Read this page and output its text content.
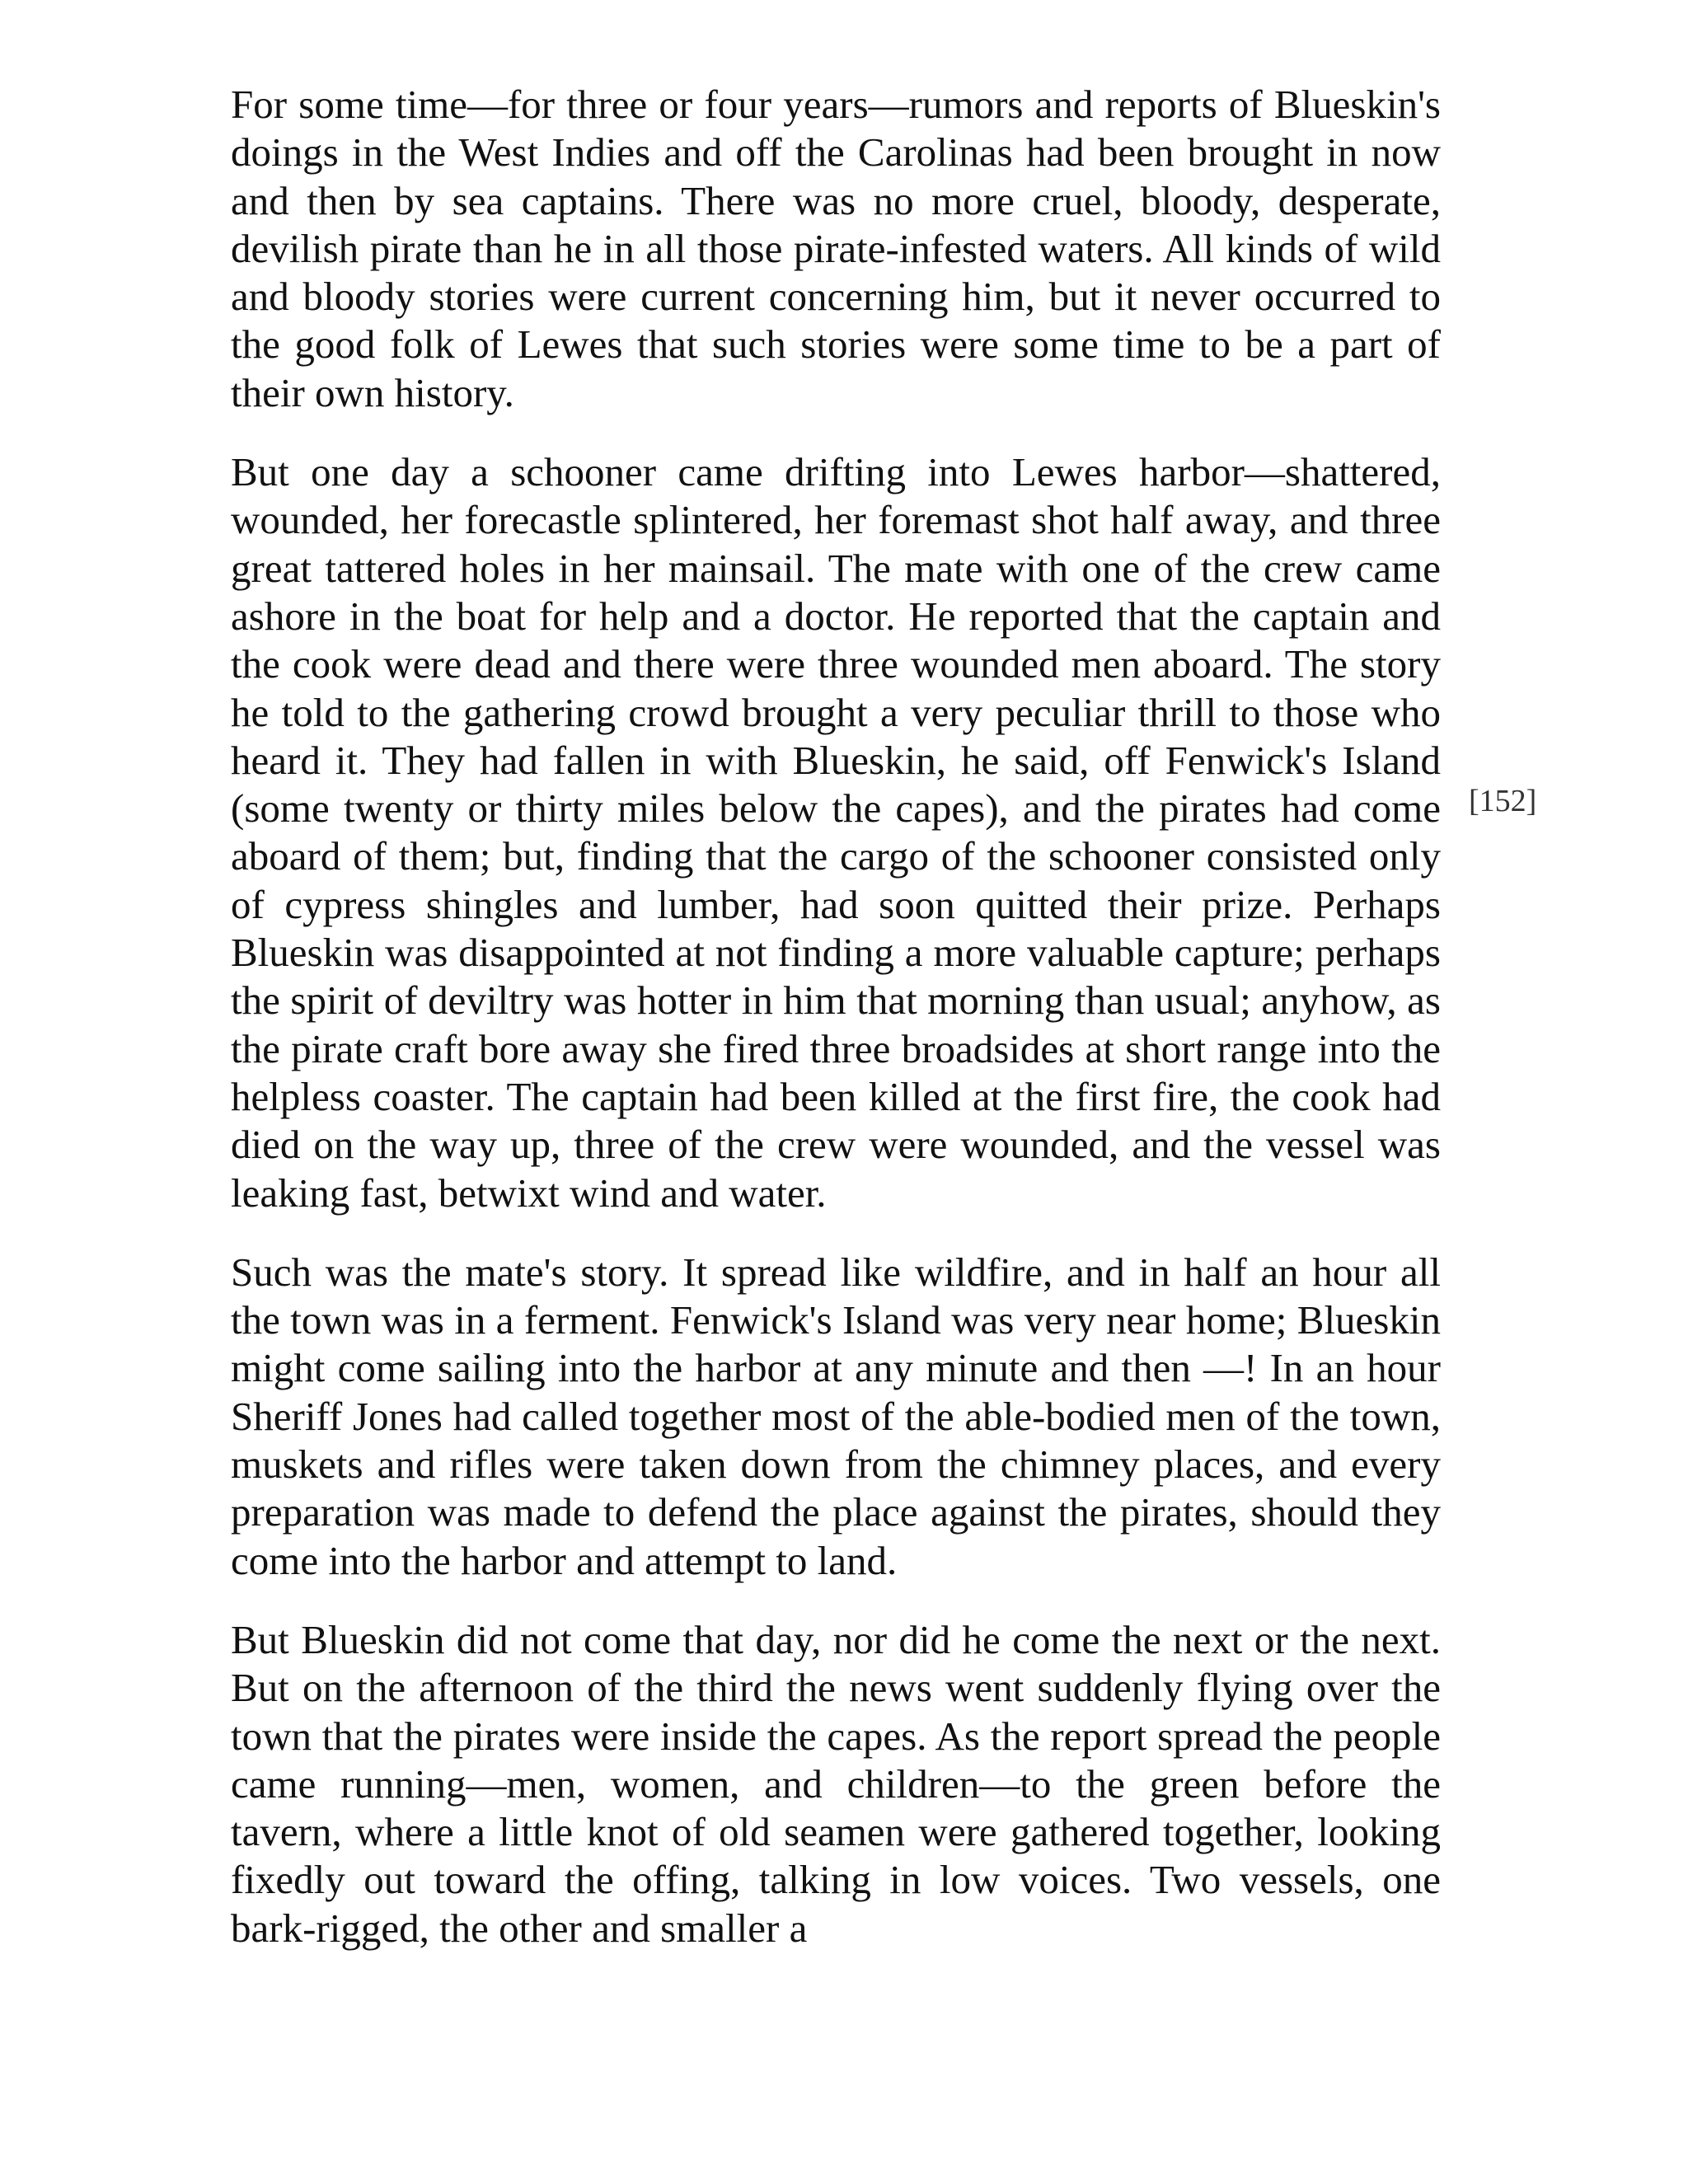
For some time—for three or four years—rumors and reports of Blueskin's doings in the West Indies and off the Carolinas had been brought in now and then by sea captains. There was no more cruel, bloody, desperate, devilish pirate than he in all those pirate-infested waters. All kinds of wild and bloody stories were current concerning him, but it never occurred to the good folk of Lewes that such stories were some time to be a part of their own history.

But one day a schooner came drifting into Lewes harbor—shattered, wounded, her forecastle splintered, her foremast shot half away, and three great tattered holes in her mainsail. The mate with one of the crew came ashore in the boat for help and a doctor. He reported that the captain and the cook were dead and there were three wounded men aboard. The story he told to the gathering crowd brought a very peculiar thrill to those who heard it. They had fallen in with Blueskin, he said, off Fenwick's Island (some twenty or thirty miles below the capes), and the pirates had come aboard of them; but, finding that the cargo of the schooner consisted only of cypress shingles and lumber, had soon quitted their prize. Perhaps Blueskin was disappointed at not finding a more valuable capture; perhaps the spirit of deviltry was hotter in him that morning than usual; anyhow, as the pirate craft bore away she fired three broadsides at short range into the helpless coaster. The captain had been killed at the first fire, the cook had died on the way up, three of the crew were wounded, and the vessel was leaking fast, betwixt wind and water.

Such was the mate's story. It spread like wildfire, and in half an hour all the town was in a ferment. Fenwick's Island was very near home; Blueskin might come sailing into the harbor at any minute and then —! In an hour Sheriff Jones had called together most of the able-bodied men of the town, muskets and rifles were taken down from the chimney places, and every preparation was made to defend the place against the pirates, should they come into the harbor and attempt to land.

But Blueskin did not come that day, nor did he come the next or the next. But on the afternoon of the third the news went suddenly flying over the town that the pirates were inside the capes. As the report spread the people came running—men, women, and children—to the green before the tavern, where a little knot of old seamen were gathered together, looking fixedly out toward the offing, talking in low voices. Two vessels, one bark-rigged, the other and smaller a

[152]
